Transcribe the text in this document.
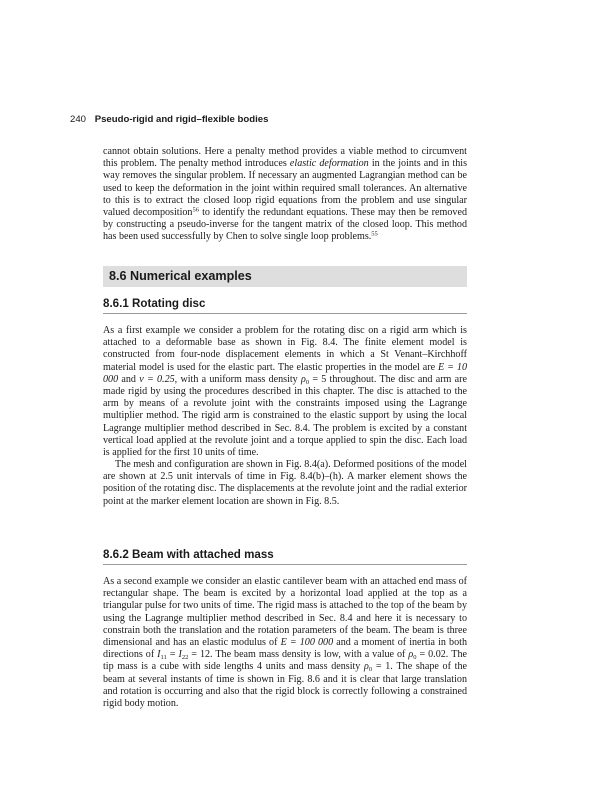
240 Pseudo-rigid and rigid–flexible bodies
cannot obtain solutions. Here a penalty method provides a viable method to circumvent this problem. The penalty method introduces elastic deformation in the joints and in this way removes the singular problem. If necessary an augmented Lagrangian method can be used to keep the deformation in the joint within required small tolerances. An alternative to this is to extract the closed loop rigid equations from the problem and use singular valued decomposition$^{56}$ to identify the redundant equations. These may then be removed by constructing a pseudo-inverse for the tangent matrix of the closed loop. This method has been used successfully by Chen to solve single loop problems.$^{55}$
8.6 Numerical examples
8.6.1 Rotating disc
As a first example we consider a problem for the rotating disc on a rigid arm which is attached to a deformable base as shown in Fig. 8.4. The finite element model is constructed from four-node displacement elements in which a St Venant–Kirchhoff material model is used for the elastic part. The elastic properties in the model are E = 10 000 and ν = 0.25, with a uniform mass density $\rho_0 = 5$ throughout. The disc and arm are made rigid by using the procedures described in this chapter. The disc is attached to the arm by means of a revolute joint with the constraints imposed using the Lagrange multiplier method. The rigid arm is constrained to the elastic support by using the local Lagrange multiplier method described in Sec. 8.4. The problem is excited by a constant vertical load applied at the revolute joint and a torque applied to spin the disc. Each load is applied for the first 10 units of time.
The mesh and configuration are shown in Fig. 8.4(a). Deformed positions of the model are shown at 2.5 unit intervals of time in Fig. 8.4(b)–(h). A marker element shows the position of the rotating disc. The displacements at the revolute joint and the radial exterior point at the marker element location are shown in Fig. 8.5.
8.6.2 Beam with attached mass
As a second example we consider an elastic cantilever beam with an attached end mass of rectangular shape. The beam is excited by a horizontal load applied at the top as a triangular pulse for two units of time. The rigid mass is attached to the top of the beam by using the Lagrange multiplier method described in Sec. 8.4 and here it is necessary to constrain both the translation and the rotation parameters of the beam. The beam is three dimensional and has an elastic modulus of E = 100 000 and a moment of inertia in both directions of $I_{11} = I_{22} = 12$. The beam mass density is low, with a value of $\rho_0 = 0.02$. The tip mass is a cube with side lengths 4 units and mass density $\rho_0 = 1$. The shape of the beam at several instants of time is shown in Fig. 8.6 and it is clear that large translation and rotation is occurring and also that the rigid block is correctly following a constrained rigid body motion.
